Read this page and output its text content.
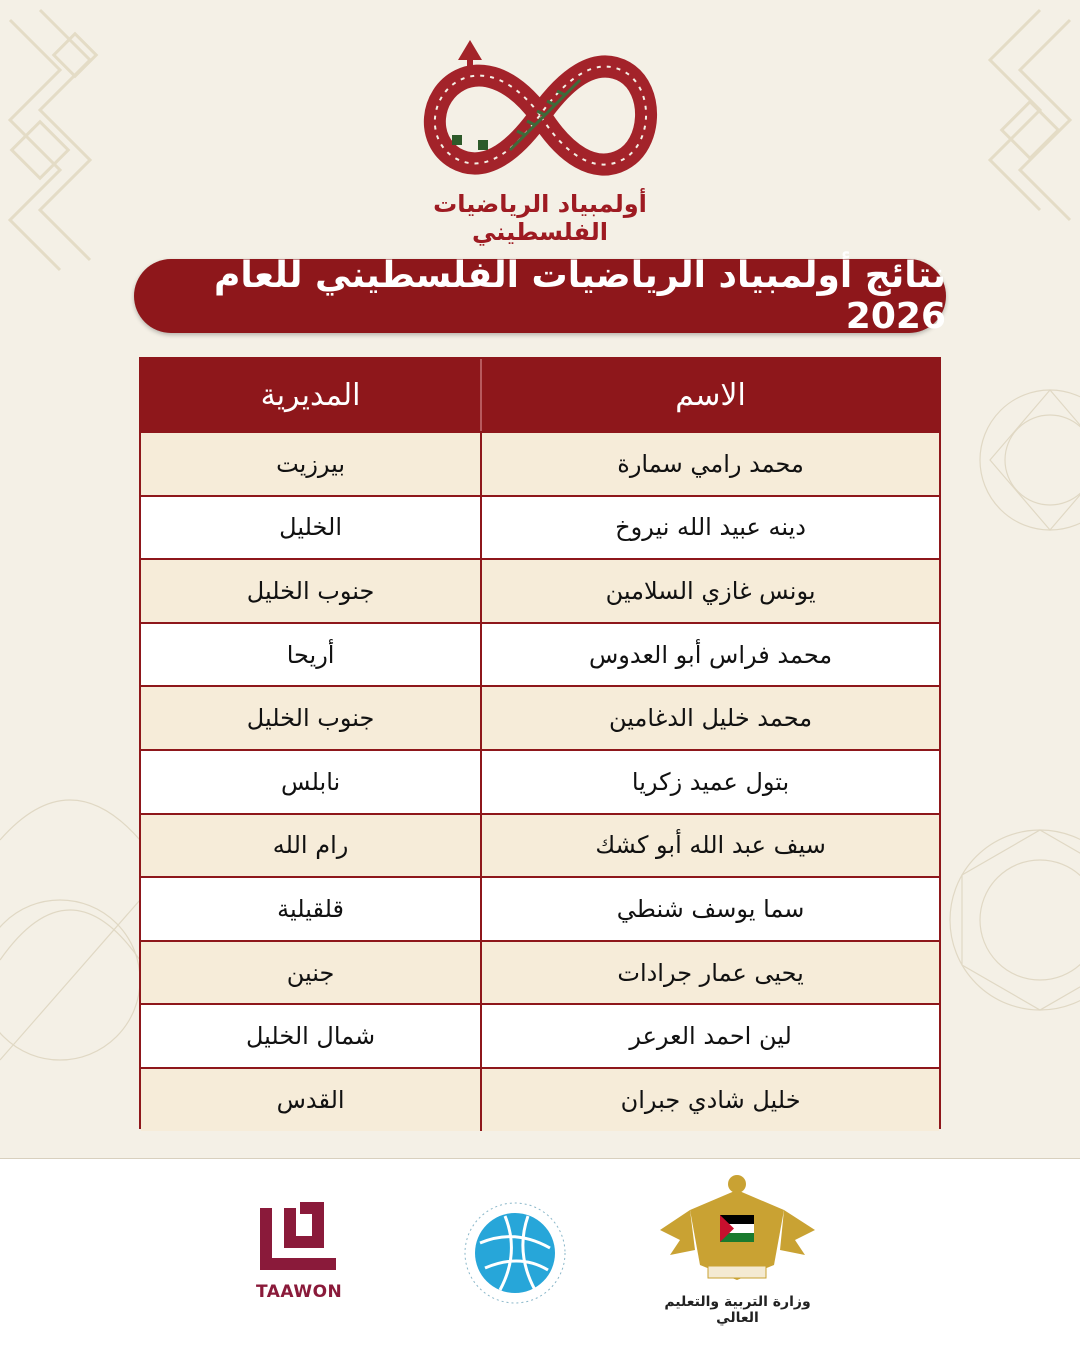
أولمبياد الرياضيات الفلسطيني
نتائج أولمبياد الرياضيات الفلسطيني للعام 2026
المديرية	الاسم
بيرزيت	محمد رامي سمارة
الخليل	دينه عبيد الله نيروخ
جنوب الخليل	يونس غازي السلامين
أريحا	محمد فراس أبو العدوس
جنوب الخليل	محمد خليل الدغامين
نابلس	بتول عميد زكريا
رام الله	سيف عبد الله أبو كشك
قلقيلية	سما يوسف شنطي
جنين	يحيى عمار جرادات
شمال الخليل	لين احمد العرعر
القدس	خليل شادي جبران
وزارة التربية والتعليم العالي
TAAWON
